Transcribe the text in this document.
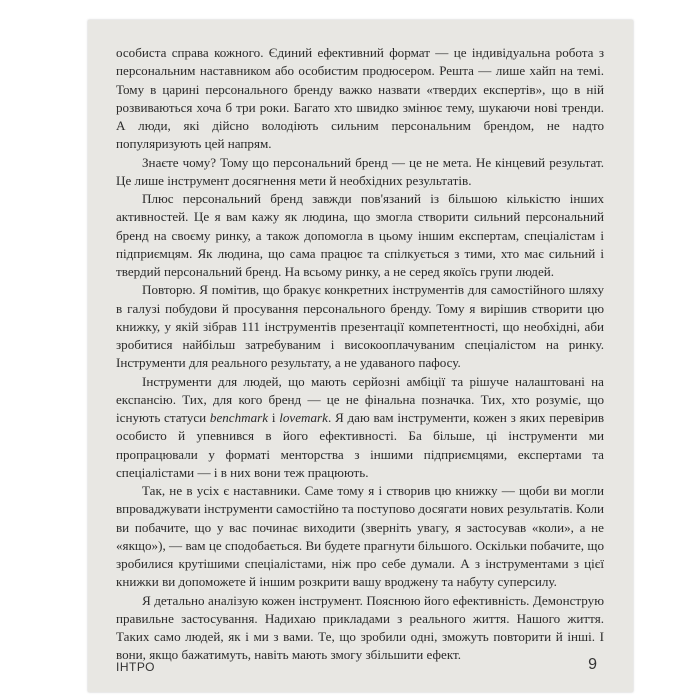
особиста справа кожного. Єдиний ефективний формат — це індивідуальна робота з персональним наставником або особистим продюсером. Решта — лише хайп на темі. Тому в царині персонального бренду важко назвати «твердих експертів», що в ній розвиваються хоча б три роки. Багато хто швидко змінює тему, шукаючи нові тренди. А люди, які дійсно володіють сильним персональним брендом, не надто популяризують цей напрям.

Знаєте чому? Тому що персональний бренд — це не мета. Не кінцевий результат. Це лише інструмент досягнення мети й необхідних результатів.

Плюс персональний бренд завжди пов'язаний із більшою кількістю інших активностей. Це я вам кажу як людина, що змогла створити сильний персональний бренд на своєму ринку, а також допомогла в цьому іншим експертам, спеціалістам і підприємцям. Як людина, що сама працює та спілкується з тими, хто має сильний і твердий персональний бренд. На всьому ринку, а не серед якоїсь групи людей.

Повторю. Я помітив, що бракує конкретних інструментів для самостійного шляху в галузі побудови й просування персонального бренду. Тому я вирішив створити цю книжку, у якій зібрав 111 інструментів презентації компетентності, що необхідні, аби зробитися найбільш затребуваним і високооплачуваним спеціалістом на ринку. Інструменти для реального результату, а не удаваного пафосу.

Інструменти для людей, що мають серйозні амбіції та рішуче налаштовані на експансію. Тих, для кого бренд — це не фінальна позначка. Тих, хто розуміє, що існують статуси benchmark і lovemark. Я даю вам інструменти, кожен з яких перевірив особисто й упевнився в його ефективності. Ба більше, ці інструменти ми пропрацювали у форматі менторства з іншими підприємцями, експертами та спеціалістами — і в них вони теж працюють.

Так, не в усіх є наставники. Саме тому я і створив цю книжку — щоби ви могли впроваджувати інструменти самостійно та поступово досягати нових результатів. Коли ви побачите, що у вас починає виходити (зверніть увагу, я застосував «коли», а не «якщо»), — вам це сподобається. Ви будете прагнути більшого. Оскільки побачите, що зробилися крутішими спеціалістами, ніж про себе думали. А з інструментами з цієї книжки ви допоможете й іншим розкрити вашу вроджену та набуту суперсилу.

Я детально аналізую кожен інструмент. Пояснюю його ефективність. Демонструю правильне застосування. Надихаю прикладами з реального життя. Нашого життя. Таких само людей, як і ми з вами. Те, що зробили одні, зможуть повторити й інші. І вони, якщо бажатимуть, навіть мають змогу збільшити ефект.

ІНТРО	9
